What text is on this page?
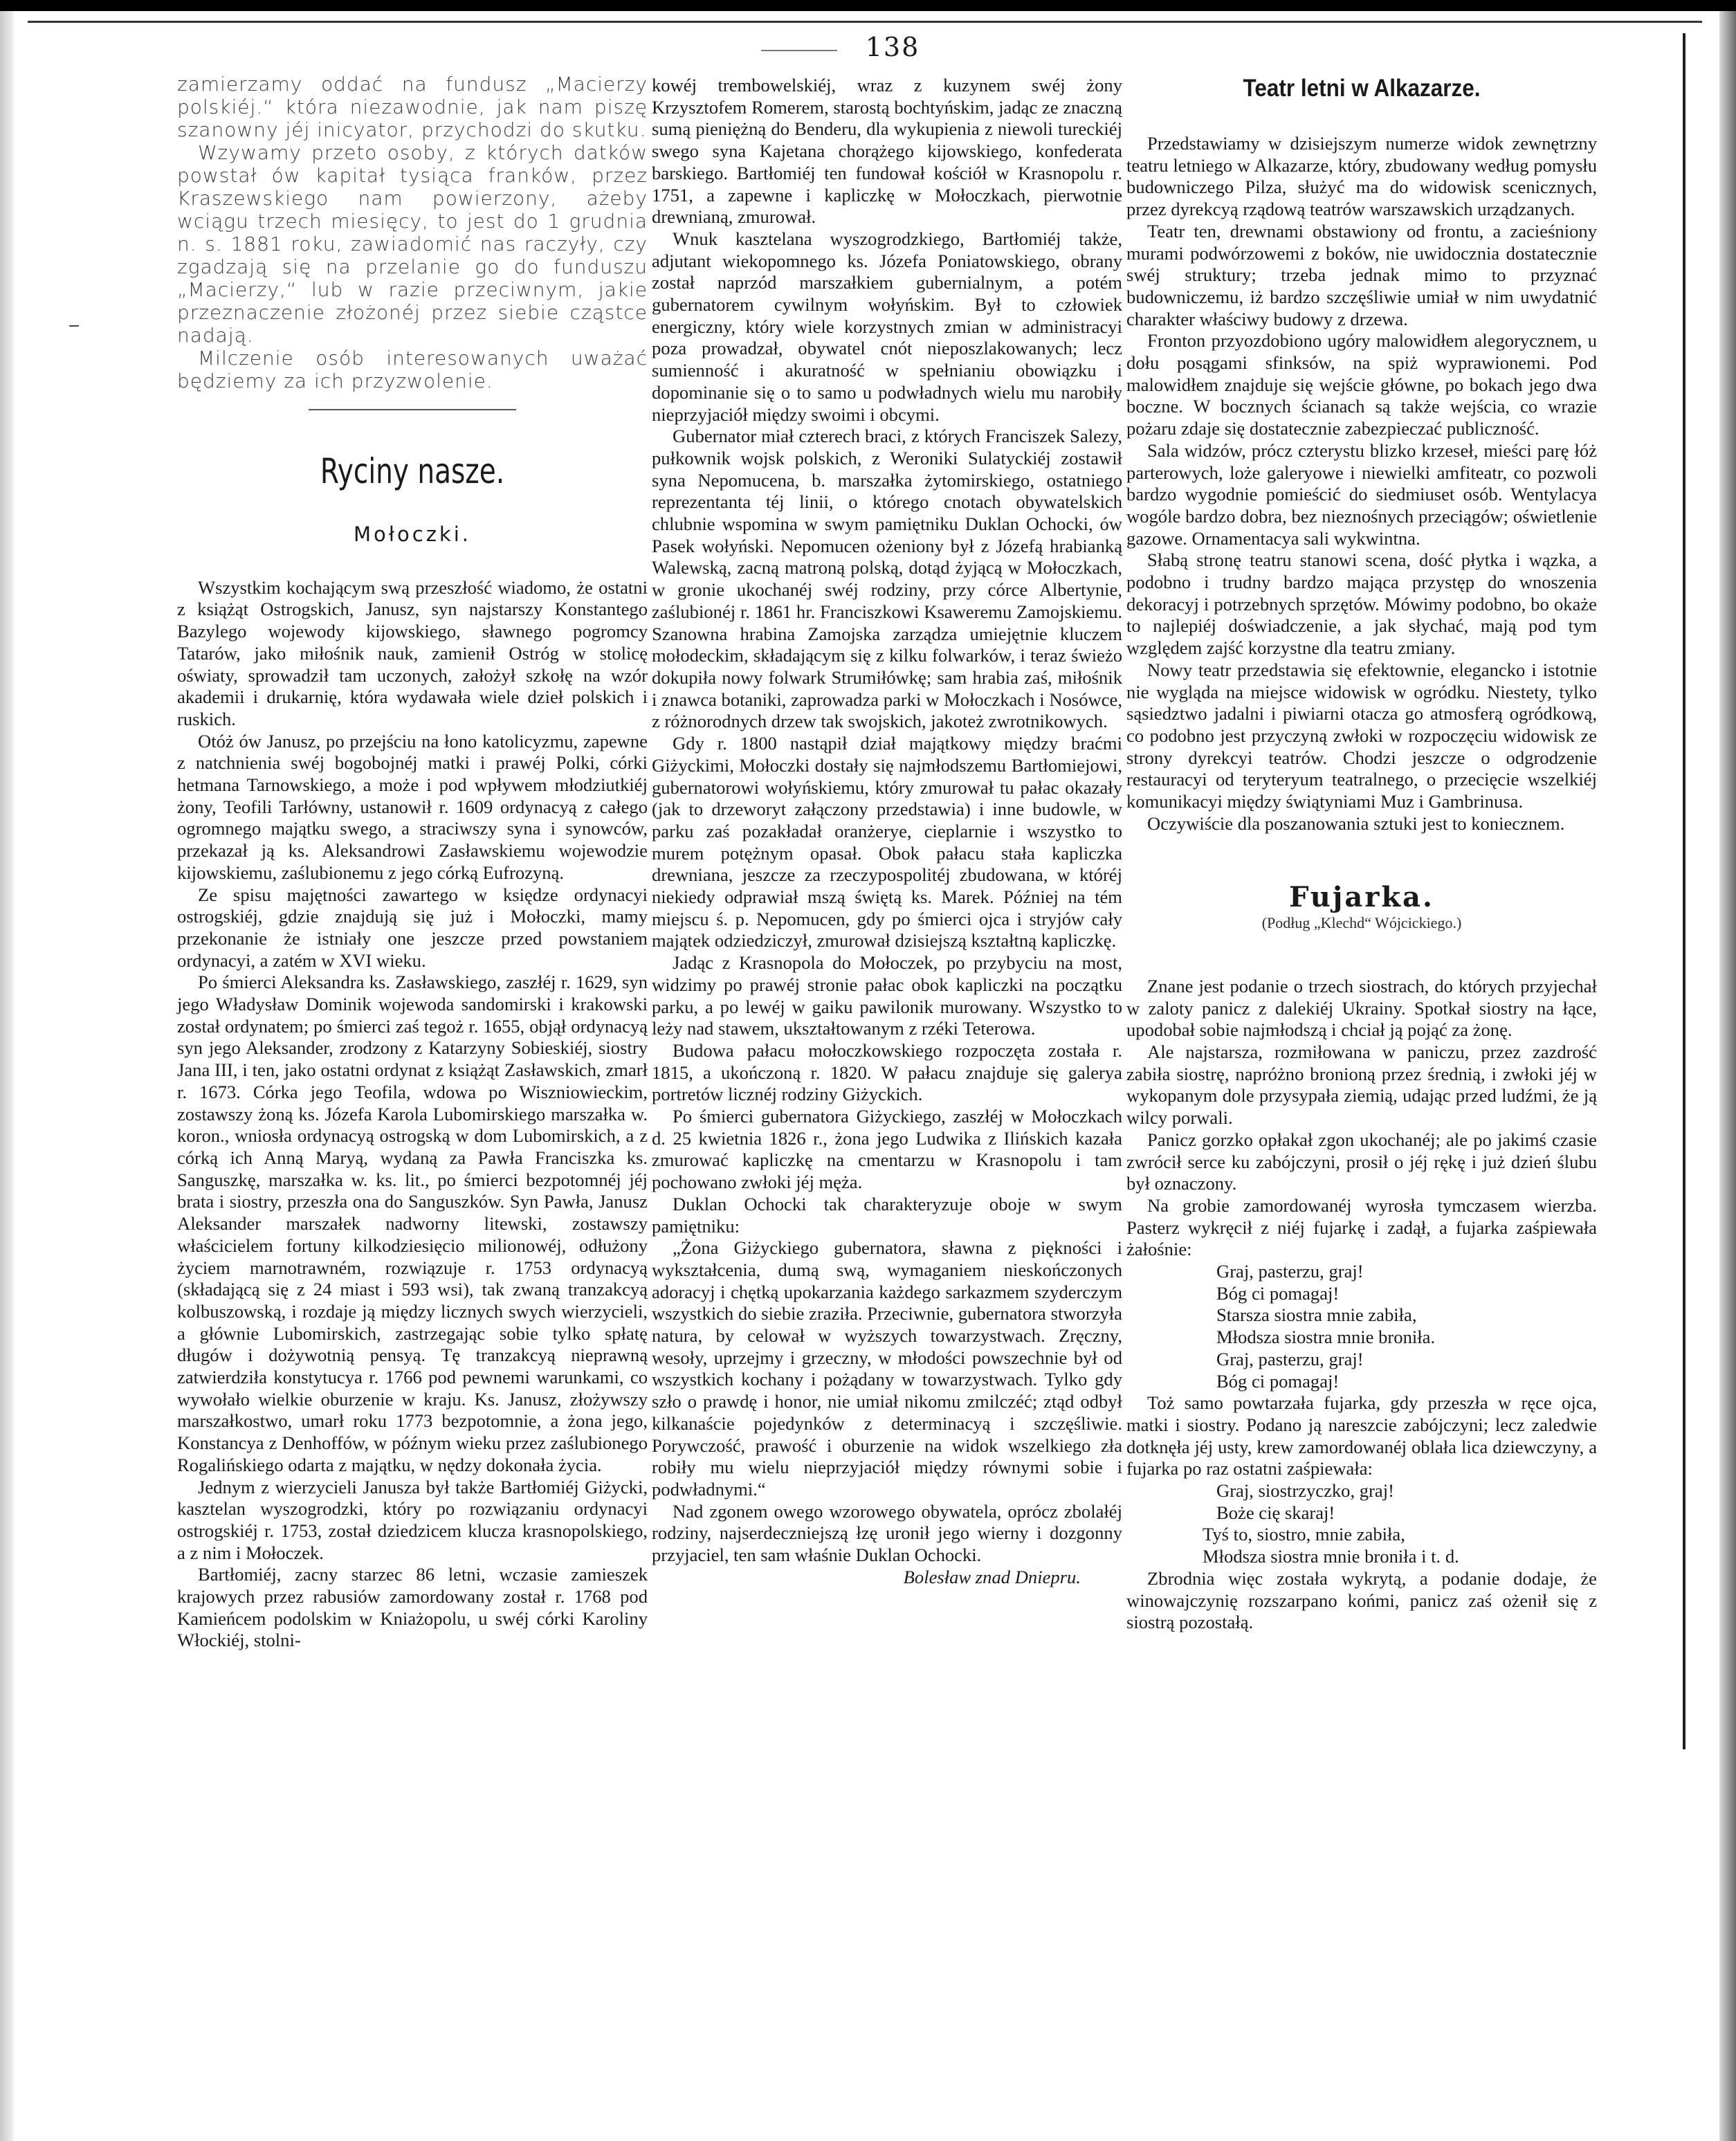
138

zamierzamy oddać na fundusz „Macierzy polskiéj.“ która niezawodnie, jak nam piszę szanowny jéj inicyator, przychodzi do skutku.

Wzywamy przeto osoby, z których datków powstał ów kapitał tysiąca franków, przez Kraszewskiego nam powierzony, ażeby wciągu trzech miesięcy, to jest do 1 grudnia n. s. 1881 roku, zawiadomić nas raczyły, czy zgadzają się na przelanie go do funduszu „Macierzy,“ lub w razie przeciwnym, jakie przeznaczenie złożonéj przez siebie cząstce nadają.

Milczenie osób interesowanych uważać będziemy za ich przyzwolenie.

Ryciny nasze.
Mołoczki.

Wszystkim kochającym swą przeszłość wiadomo, że ostatni z książąt Ostrogskich, Janusz, syn najstarszy Konstantego Bazylego wojewody kijowskiego, sławnego pogromcy Tatarów, jako miłośnik nauk, zamienił Ostróg w stolicę oświaty, sprowadził tam uczonych, założył szkołę na wzór akademii i drukarnię, która wydawała wiele dzieł polskich i ruskich.

Otóż ów Janusz, po przejściu na łono katolicyzmu, zapewne z natchnienia swéj bogobojnéj matki i prawéj Polki, córki hetmana Tarnowskiego, a może i pod wpływem młodziutkiéj żony, Teofili Tarłówny, ustanowił r. 1609 ordynacyą z całego ogromnego majątku swego, a straciwszy syna i synowców, przekazał ją ks. Aleksandrowi Zasławskiemu wojewodzie kijowskiemu, zaślubionemu z jego córką Eufrozyną.

Ze spisu majętności zawartego w księdze ordynacyi ostrogskiéj, gdzie znajdują się już i Mołoczki, mamy przekonanie że istniały one jeszcze przed powstaniem ordynacyi, a zatém w XVI wieku.

Po śmierci Aleksandra ks. Zasławskiego, zaszłéj r. 1629, syn jego Władysław Dominik wojewoda sandomirski i krakowski został ordynatem; po śmierci zaś tegoż r. 1655, objął ordynacyą syn jego Aleksander, zrodzony z Katarzyny Sobieskiéj, siostry Jana III, i ten, jako ostatni ordynat z książąt Zasławskich, zmarł r. 1673. Córka jego Teofila, wdowa po Wiszniowieckim, zostawszy żoną ks. Józefa Karola Lubomirskiego marszałka w. koron., wniosła ordynacyą ostrogską w dom Lubomirskich, a z córką ich Anną Maryą, wydaną za Pawła Franciszka ks. Sanguszkę, marszałka w. ks. lit., po śmierci bezpotomnéj jéj brata i siostry, przeszła ona do Sanguszków. Syn Pawła, Janusz Aleksander marszałek nadworny litewski, zostawszy właścicielem fortuny kilkodziesięcio milionowéj, odłużony życiem marnotrawném, rozwiązuje r. 1753 ordynacyą (składającą się z 24 miast i 593 wsi), tak zwaną tranzakcyą kolbuszowską, i rozdaje ją między licznych swych wierzycieli, a głównie Lubomirskich, zastrzegając sobie tylko spłatę długów i dożywotnią pensyą. Tę tranzakcyą nieprawną zatwierdziła konstytucya r. 1766 pod pewnemi warunkami, co wywołało wielkie oburzenie w kraju. Ks. Janusz, złożywszy marszałkostwo, umarł roku 1773 bezpotomnie, a żona jego, Konstancya z Denhoffów, w późnym wieku przez zaślubionego Rogalińskiego odarta z majątku, w nędzy dokonała życia.

Jednym z wierzycieli Janusza był także Bartłomiéj Giżycki, kasztelan wyszogrodzki, który po rozwiązaniu ordynacyi ostrogskiéj r. 1753, został dziedzicem klucza krasnopolskiego, a z nim i Mołoczek.

Bartłomiéj, zacny starzec 86 letni, wczasie zamieszek krajowych przez rabusiów zamordowany został r. 1768 pod Kamieńcem podolskim w Kniażopolu, u swéj córki Karoliny Włockiéj, stolni-

kowéj trembowelskiéj, wraz z kuzynem swéj żony Krzysztofem Romerem, starostą bochtyńskim, jadąc ze znaczną sumą pieniężną do Benderu, dla wykupienia z niewoli tureckiéj swego syna Kajetana chorążego kijowskiego, konfederata barskiego. Bartłomiéj ten fundował kościół w Krasnopolu r. 1751, a zapewne i kapliczkę w Mołoczkach, pierwotnie drewnianą, zmurował.

Wnuk kasztelana wyszogrodzkiego, Bartłomiéj także, adjutant wiekopomnego ks. Józefa Poniatowskiego, obrany został naprzód marszałkiem gubernialnym, a potém gubernatorem cywilnym wołyńskim. Był to człowiek energiczny, który wiele korzystnych zmian w administracyi poza prowadzał, obywatel cnót nieposzlakowanych; lecz sumienność i akuratność w spełnianiu obowiązku i dopominanie się o to samo u podwładnych wielu mu narobiły nieprzyjaciół między swoimi i obcymi.

Gubernator miał czterech braci, z których Franciszek Salezy, pułkownik wojsk polskich, z Weroniki Sulatyckiéj zostawił syna Nepomucena, b. marszałka żytomirskiego, ostatniego reprezentanta téj linii, o którego cnotach obywatelskich chlubnie wspomina w swym pamiętniku Duklan Ochocki, ów Pasek wołyński. Nepomucen ożeniony był z Józefą hrabianką Walewską, zacną matroną polską, dotąd żyjącą w Mołoczkach, w gronie ukochanéj swéj rodziny, przy córce Albertynie, zaślubionéj r. 1861 hr. Franciszkowi Ksaweremu Zamojskiemu. Szanowna hrabina Zamojska zarządza umiejętnie kluczem mołodeckim, składającym się z kilku folwarków, i teraz świeżo dokupiła nowy folwark Strumiłówkę; sam hrabia zaś, miłośnik i znawca botaniki, zaprowadza parki w Mołoczkach i Nosówce, z różnorodnych drzew tak swojskich, jakoteż zwrotnikowych.

Gdy r. 1800 nastąpił dział majątkowy między braćmi Giżyckimi, Mołoczki dostały się najmłodszemu Bartłomiejowi, gubernatorowi wołyńskiemu, który zmurował tu pałac okazały (jak to drzeworyt załączony przedstawia) i inne budowle, w parku zaś pozakładał oranżerye, cieplarnie i wszystko to murem potężnym opasał. Obok pałacu stała kapliczka drewniana, jeszcze za rzeczypospolitéj zbudowana, w któréj niekiedy odprawiał mszą świętą ks. Marek. Później na tém miejscu ś. p. Nepomucen, gdy po śmierci ojca i stryjów cały majątek odziedziczył, zmurował dzisiejszą kształtną kapliczkę.

Jadąc z Krasnopola do Mołoczek, po przybyciu na most, widzimy po prawéj stronie pałac obok kapliczki na początku parku, a po lewéj w gaiku pawilonik murowany. Wszystko to leży nad stawem, ukształtowanym z rzéki Teterowa.

Budowa pałacu mołoczkowskiego rozpoczęta została r. 1815, a ukończoną r. 1820. W pałacu znajduje się galerya portretów licznéj rodziny Giżyckich.

Po śmierci gubernatora Giżyckiego, zaszłéj w Mołoczkach d. 25 kwietnia 1826 r., żona jego Ludwika z Ilińskich kazała zmurować kapliczkę na cmentarzu w Krasnopolu i tam pochowano zwłoki jéj męża.

Duklan Ochocki tak charakteryzuje oboje w swym pamiętniku:

„Żona Giżyckiego gubernatora, sławna z piękności i wykształcenia, dumą swą, wymaganiem nieskończonych adoracyj i chętką upokarzania każdego sarkazmem szyderczym wszystkich do siebie zraziła. Przeciwnie, gubernatora stworzyła natura, by celował w wyższych towarzystwach. Zręczny, wesoły, uprzejmy i grzeczny, w młodości powszechnie był od wszystkich kochany i pożądany w towarzystwach. Tylko gdy szło o prawdę i honor, nie umiał nikomu zmilczéć; ztąd odbył kilkanaście pojedynków z determinacyą i szczęśliwie. Porywczość, prawość i oburzenie na widok wszelkiego zła robiły mu wielu nieprzyjaciół między równymi sobie i podwładnymi.“

Nad zgonem owego wzorowego obywatela, oprócz zbolałéj rodziny, najserdeczniejszą łzę uronił jego wierny i dozgonny przyjaciel, ten sam właśnie Duklan Ochocki.

Bolesław znad Dniepru.

Teatr letni w Alkazarze.

Przedstawiamy w dzisiejszym numerze widok zewnętrzny teatru letniego w Alkazarze, który, zbudowany według pomysłu budowniczego Pilza, służyć ma do widowisk scenicznych, przez dyrekcyą rządową teatrów warszawskich urządzanych.

Teatr ten, drewnami obstawiony od frontu, a zacieśniony murami podwórzowemi z boków, nie uwidocznia dostatecznie swéj struktury; trzeba jednak mimo to przyznać budowniczemu, iż bardzo szczęśliwie umiał w nim uwydatnić charakter właściwy budowy z drzewa.

Fronton przyozdobiono ugóry malowidłem alegorycznem, u dołu posągami sfinksów, na spiż wyprawionemi. Pod malowidłem znajduje się wejście główne, po bokach jego dwa boczne. W bocznych ścianach są także wejścia, co wrazie pożaru zdaje się dostatecznie zabezpieczać publiczność.

Sala widzów, prócz czterystu blizko krzeseł, mieści parę łóż parterowych, loże galeryowe i niewielki amfiteatr, co pozwoli bardzo wygodnie pomieścić do siedmiuset osób. Wentylacya wogóle bardzo dobra, bez nieznośnych przeciągów; oświetlenie gazowe. Ornamentacya sali wykwintna.

Słabą stronę teatru stanowi scena, dość płytka i wązka, a podobno i trudny bardzo mająca przystęp do wnoszenia dekoracyj i potrzebnych sprzętów. Mówimy podobno, bo okaże to najlepiéj doświadczenie, a jak słychać, mają pod tym względem zajść korzystne dla teatru zmiany.

Nowy teatr przedstawia się efektownie, elegancko i istotnie nie wygląda na miejsce widowisk w ogródku. Niestety, tylko sąsiedztwo jadalni i piwiarni otacza go atmosferą ogródkową, co podobno jest przyczyną zwłoki w rozpoczęciu widowisk ze strony dyrekcyi teatrów. Chodzi jeszcze o odgrodzenie restauracyi od teryteryum teatralnego, o przecięcie wszelkiéj komunikacyi między świątyniami Muz i Gambrinusa.

Oczywiście dla poszanowania sztuki jest to koniecznem.

Fujarka.
(Podług „Klechd“ Wójcickiego.)

Znane jest podanie o trzech siostrach, do których przyjechał w zaloty panicz z dalekiéj Ukrainy. Spotkał siostry na łące, upodobał sobie najmłodszą i chciał ją pojąć za żonę.

Ale najstarsza, rozmiłowana w paniczu, przez zazdrość zabiła siostrę, napróżno bronioną przez średnią, i zwłoki jéj w wykopanym dole przysypała ziemią, udając przed ludźmi, że ją wilcy porwali.

Panicz gorzko opłakał zgon ukochanéj; ale po jakimś czasie zwrócił serce ku zabójczyni, prosił o jéj rękę i już dzień ślubu był oznaczony.

Na grobie zamordowanéj wyrosła tymczasem wierzba. Pasterz wykręcił z niéj fujarkę i zadął, a fujarka zaśpiewała żałośnie:

Graj, pasterzu, graj!

Bóg ci pomagaj!

Starsza siostra mnie zabiła,

Młodsza siostra mnie broniła.

Graj, pasterzu, graj!

Bóg ci pomagaj!

Toż samo powtarzała fujarka, gdy przeszła w ręce ojca, matki i siostry. Podano ją nareszcie zabójczyni; lecz zaledwie dotknęła jéj usty, krew zamordowanéj oblała lica dziewczyny, a fujarka po raz ostatni zaśpiewała:

Graj, siostrzyczko, graj!

Boże cię skaraj!

Tyś to, siostro, mnie zabiła,

Młodsza siostra mnie broniła i t. d.

Zbrodnia więc została wykrytą, a podanie dodaje, że winowajczynię rozszarpano końmi, panicz zaś ożenił się z siostrą pozostałą.
